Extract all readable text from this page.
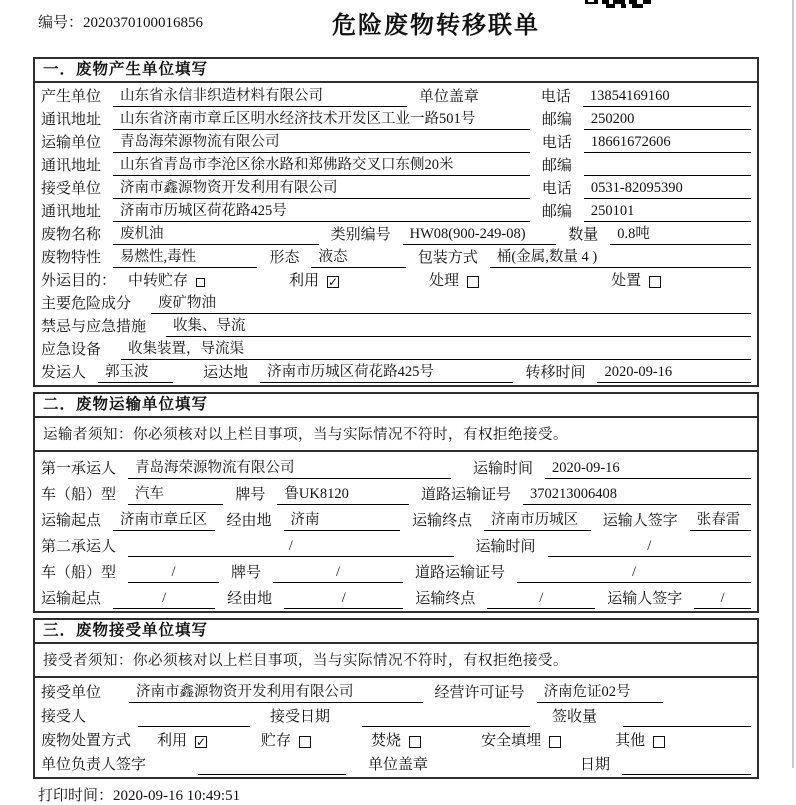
编号：2020370100016856	危险废物转移联单
一．废物产生单位填写
产生单位	山东省永信非织造材料有限公司	单位盖章	电话	13854169160
通讯地址	山东省济南市章丘区明水经济技术开发区工业一路501号	邮编	250200
运输单位	青岛海荣源物流有限公司	电话	18661672606
通讯地址	山东省青岛市李沧区徐水路和郑佛路交叉口东侧20米	邮编
接受单位	济南市鑫源物资开发利用有限公司	电话	0531-82095390
通讯地址	济南市历城区荷花路425号	邮编	250101
废物名称	废机油	类别编号	HW08(900-249-08)	数量	0.8吨
废物特性	易燃性,毒性	形态	液态	包装方式	桶(金属,数量 4 )
外运目的： 中转贮存	利用 ✓	处理	处置
主要危险成分	废矿物油
禁忌与应急措施	收集、导流
应急设备	收集装置，导流渠
发运人	郭玉波	运达地	济南市历城区荷花路425号	转移时间	2020-09-16
二．废物运输单位填写
运输者须知：你必须核对以上栏目事项，当与实际情况不符时，有权拒绝接受。
第一承运人	青岛海荣源物流有限公司	运输时间	2020-09-16
车（船）型	汽车	牌号	鲁UK8120	道路运输证号	370213006408
运输起点	济南市章丘区	经由地	济南	运输终点	济南市历城区	运输人签字	张春雷
第二承运人	/	运输时间	/
车（船）型	/	牌号	/	道路运输证号	/
运输起点	/	经由地	/	运输终点	/	运输人签字	/
三．废物接受单位填写
接受者须知：你必须核对以上栏目事项，当与实际情况不符时，有权拒绝接受。
接受单位	济南市鑫源物资开发利用有限公司	经营许可证号	济南危证02号
接受人	接受日期	签收量
废物处置方式 利用 ✓	贮存	焚烧	安全填埋	其他
单位负责人签字	单位盖章	日期
打印时间：2020-09-16 10:49:51
